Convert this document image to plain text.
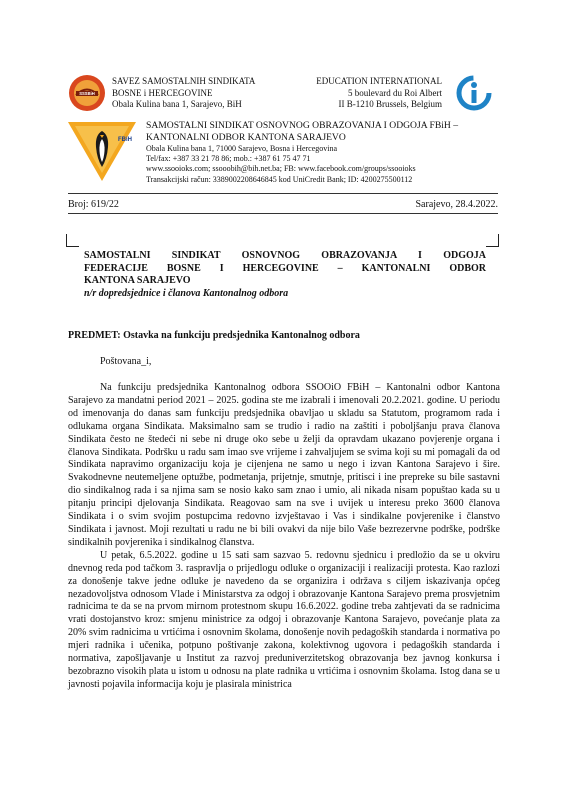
SSSBiH
SAVEZ SAMOSTALNIH SINDIKATA
BOSNE i HERCEGOVINE
Obala Kulina bana 1, Sarajevo, BiH
EDUCATION INTERNATIONAL
5 boulevard du Roi Albert
II B-1210 Brussels, Belgium
FBiH
SAMOSTALNI SINDIKAT OSNOVNOG OBRAZOVANJA I ODGOJA FBiH –
KANTONALNI ODBOR KANTONA SARAJEVO
Obala Kulina bana 1, 71000 Sarajevo, Bosna i Hercegovina
Tel/fax: +387 33 21 78 86; mob.: +387 61 75 47 71
www.ssooioks.com; ssooobih@bih.net.ba; FB: www.facebook.com/groups/ssooioks
Transakcijski račun: 3389002208646845 kod UniCredit Bank; ID: 4200275500112
Broj: 619/22	Sarajevo, 28.4.2022.
SAMOSTALNI SINDIKAT OSNOVNOG OBRAZOVANJA I ODGOJA
FEDERACIJE BOSNE I HERCEGOVINE – KANTONALNI ODBOR
KANTONA SARAJEVO
n/r dopredsjednice i članova Kantonalnog odbora
PREDMET: Ostavka na funkciju predsjednika Kantonalnog odbora
Poštovana_i,

Na funkciju predsjednika Kantonalnog odbora SSOOiO FBiH – Kantonalni odbor Kantona Sarajevo za mandatni period 2021 – 2025. godina ste me izabrali i imenovali 20.2.2021. godine. U periodu od imenovanja do danas sam funkciju predsjednika obavljao u skladu sa Statutom, programom rada i odlukama organa Sindikata. Maksimalno sam se trudio i radio na zaštiti i poboljšanju prava članova Sindikata često ne štedeći ni sebe ni druge oko sebe u želji da opravdam ukazano povjerenje organa i članova Sindikata. Podršku u radu sam imao sve vrijeme i zahvaljujem se svima koji su mi pomagali da od Sindikata napravimo organizaciju koja je cijenjena ne samo u nego i izvan Kantona Sarajevo i šire. Svakodnevne neutemeljene optužbe, podmetanja, prijetnje, smutnje, pritisci i ine prepreke su bile sastavni dio sindikalnog rada i sa njima sam se nosio kako sam znao i umio, ali nikada nisam popuštao kada su u pitanju principi djelovanja Sindikata. Reagovao sam na sve i uvijek u interesu preko 3600 članova Sindikata i o svim svojim postupcima redovno izvještavao i Vas i sindikalne povjerenike i članstvo Sindikata i javnost. Moji rezultati u radu ne bi bili ovakvi da nije bilo Vaše bezrezervne podrške, podrške sindikalnih povjerenika i sindikalnog članstva.

U petak, 6.5.2022. godine u 15 sati sam sazvao 5. redovnu sjednicu i predložio da se u okviru dnevnog reda pod tačkom 3. raspravlja o prijedlogu odluke o organizaciji i realizaciji protesta. Kao razlozi za donošenje takve jedne odluke je navedeno da se organizira i održava s ciljem iskazivanja općeg nezadovoljstva odnosom Vlade i Ministarstva za odgoj i obrazovanje Kantona Sarajevo prema prosvjetnim radnicima te da se na prvom mirnom protestnom skupu 16.6.2022. godine treba zahtjevati da se radnicima vrati dostojanstvo kroz: smjenu ministrice za odgoj i obrazovanje Kantona Sarajevo, povećanje plata za 20% svim radnicima u vrtićima i osnovnim školama, donošenje novih pedagoških standarda i normativa po mjeri radnika i učenika, potpuno poštivanje zakona, kolektivnog ugovora i pedagoških standarda i normativa, zapošljavanje u Institut za razvoj preduniverzitetskog obrazovanja bez javnog konkursa i bezobrazno visokih plata u istom u odnosu na plate radnika u vrtićima i osnovnim školama. Istog dana se u javnosti pojavila informacija koju je plasirala ministrica
